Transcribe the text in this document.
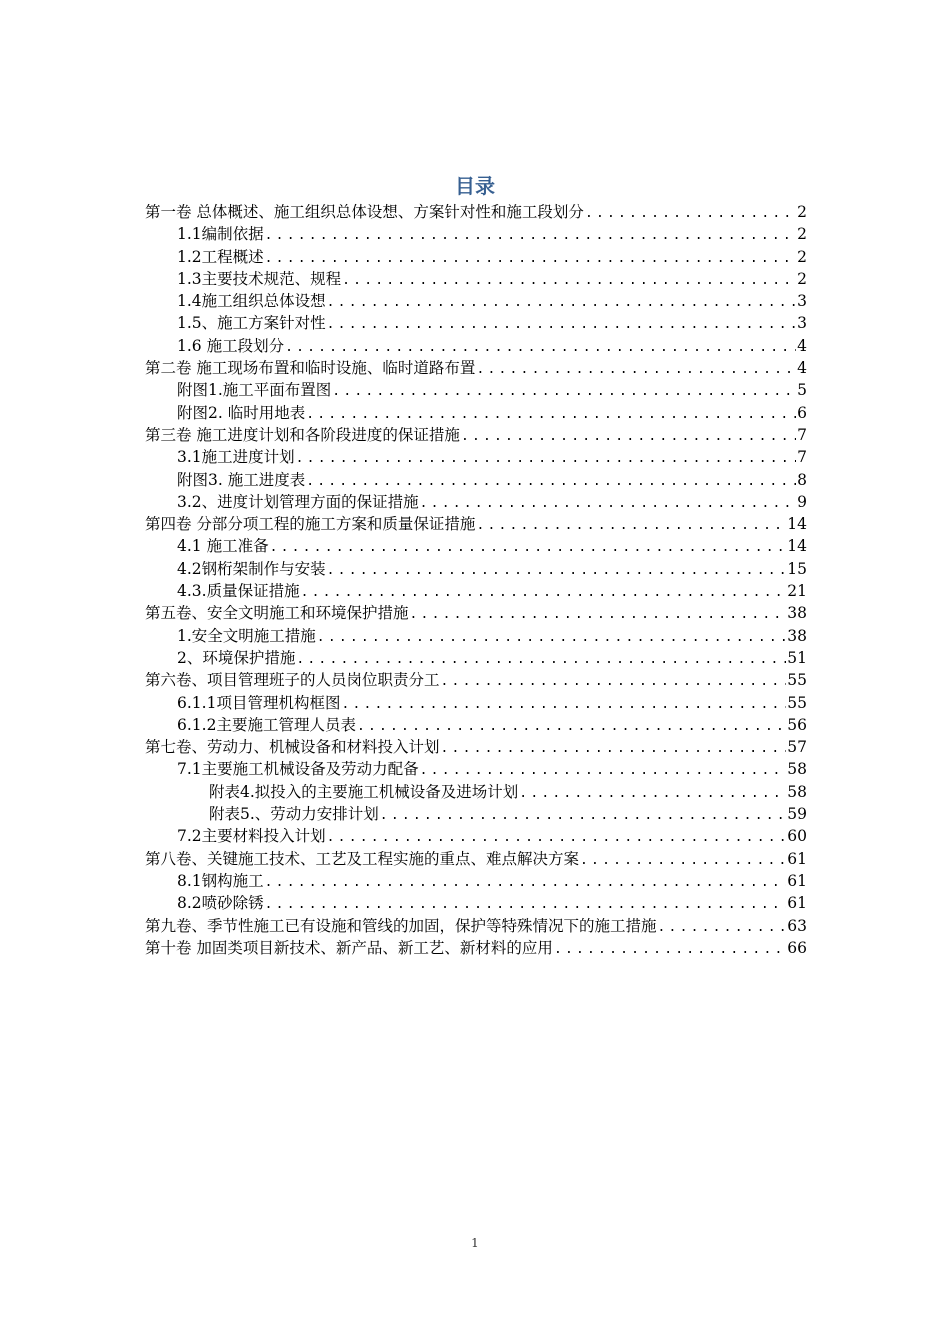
目录
第一卷 总体概述、施工组织总体设想、方案针对性和施工段划分 .....	2
1.1编制依据 .....	2
1.2工程概述 .....	2
1.3主要技术规范、规程 .....	2
1.4施工组织总体设想 .....	3
1.5、施工方案针对性 .....	3
1.6 施工段划分 .....	4
第二卷 施工现场布置和临时设施、临时道路布置 .....	4
附图1.施工平面布置图 .....	5
附图2. 临时用地表 .....	6
第三卷 施工进度计划和各阶段进度的保证措施 .....	7
3.1施工进度计划 .....	7
附图3. 施工进度表 .....	8
3.2、进度计划管理方面的保证措施 .....	9
第四卷 分部分项工程的施工方案和质量保证措施 .....	14
4.1 施工准备 .....	14
4.2钢桁架制作与安装 .....	15
4.3.质量保证措施 .....	21
第五卷、安全文明施工和环境保护措施 .....	38
1.安全文明施工措施 .....	38
2、环境保护措施 .....	51
第六卷、项目管理班子的人员岗位职责分工 .....	55
6.1.1项目管理机构框图 .....	55
6.1.2主要施工管理人员表 .....	56
第七卷、劳动力、机械设备和材料投入计划 .....	57
7.1主要施工机械设备及劳动力配备 .....	58
附表4.拟投入的主要施工机械设备及进场计划 .....	58
附表5.、劳动力安排计划 .....	59
7.2主要材料投入计划 .....	60
第八卷、关键施工技术、工艺及工程实施的重点、难点解决方案 .....	61
8.1钢构施工 .....	61
8.2喷砂除锈 .....	61
第九卷、季节性施工已有设施和管线的加固，保护等特殊情况下的施工措施 .....	63
第十卷 加固类项目新技术、新产品、新工艺、新材料的应用 .....	66
1
